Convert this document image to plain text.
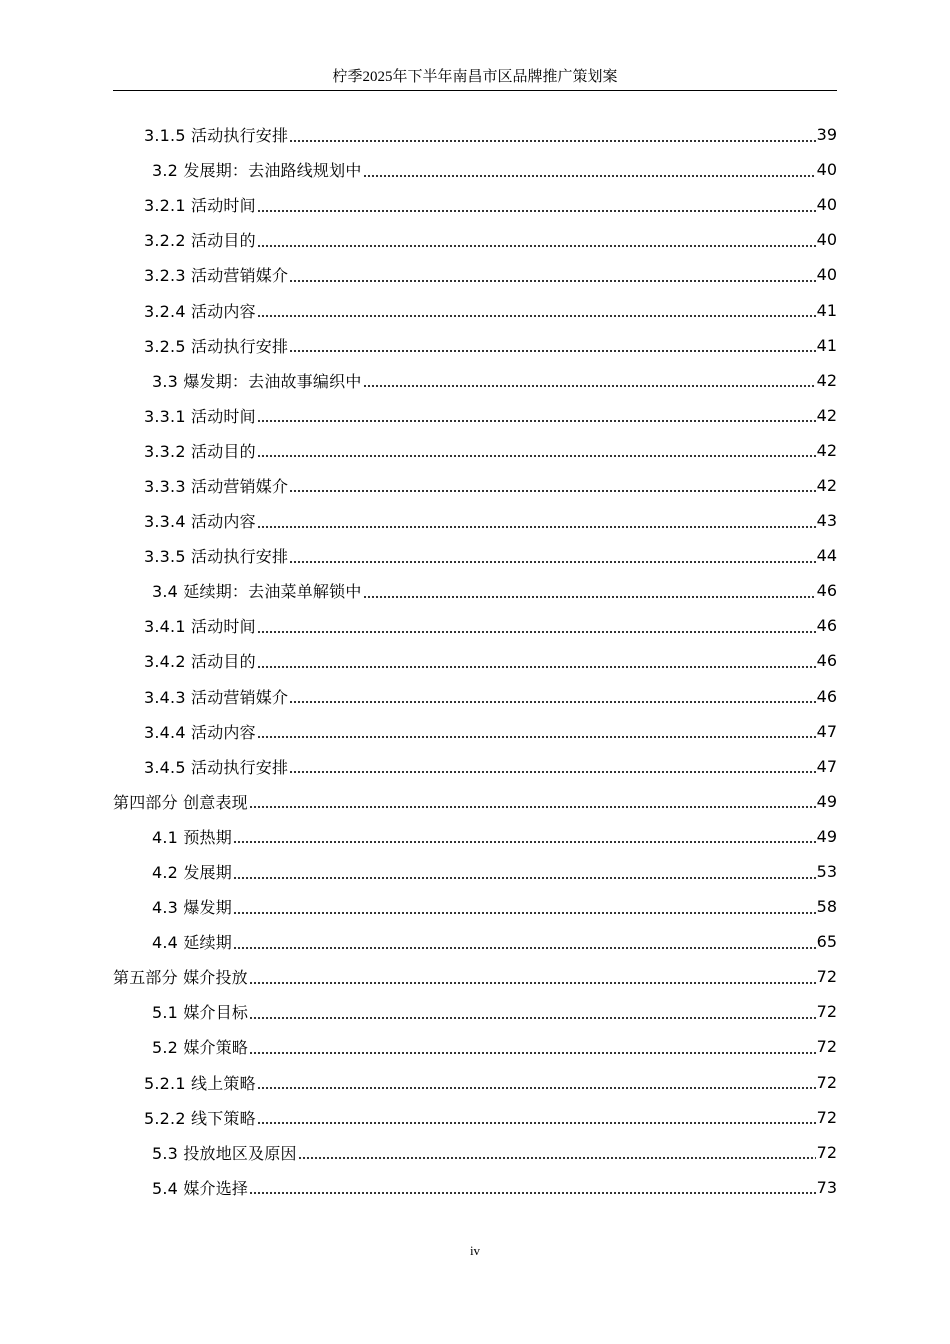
柠季2025年下半年南昌市区品牌推广策划案
3.1.5 活动执行安排	39
3.2 发展期：去油路线规划中	40
3.2.1 活动时间	40
3.2.2 活动目的	40
3.2.3 活动营销媒介	40
3.2.4 活动内容	41
3.2.5 活动执行安排	41
3.3 爆发期：去油故事编织中	42
3.3.1 活动时间	42
3.3.2 活动目的	42
3.3.3 活动营销媒介	42
3.3.4 活动内容	43
3.3.5 活动执行安排	44
3.4 延续期：去油菜单解锁中	46
3.4.1 活动时间	46
3.4.2 活动目的	46
3.4.3 活动营销媒介	46
3.4.4 活动内容	47
3.4.5 活动执行安排	47
第四部分 创意表现	49
4.1 预热期	49
4.2 发展期	53
4.3 爆发期	58
4.4 延续期	65
第五部分 媒介投放	72
5.1 媒介目标	72
5.2 媒介策略	72
5.2.1 线上策略	72
5.2.2 线下策略	72
5.3 投放地区及原因	72
5.4 媒介选择	73
iv
